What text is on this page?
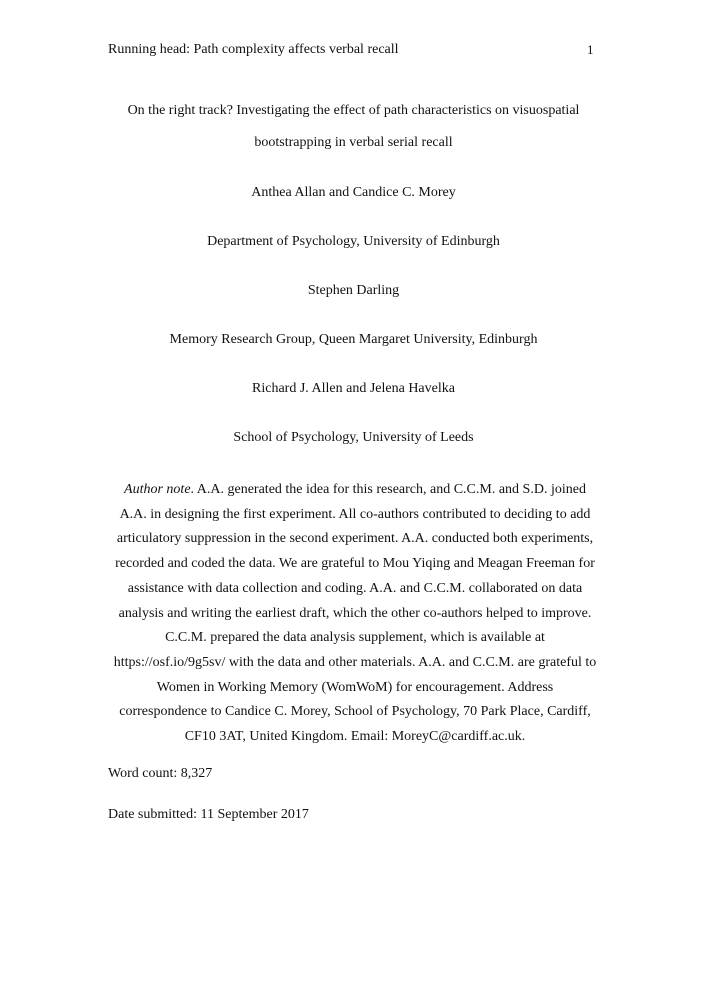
Running head: Path complexity affects verbal recall	1
On the right track? Investigating the effect of path characteristics on visuospatial
bootstrapping in verbal serial recall
Anthea Allan and Candice C. Morey
Department of Psychology, University of Edinburgh
Stephen Darling
Memory Research Group, Queen Margaret University, Edinburgh
Richard J. Allen and Jelena Havelka
School of Psychology, University of Leeds
Author note. A.A. generated the idea for this research, and C.C.M. and S.D. joined
A.A. in designing the first experiment. All co-authors contributed to deciding to add
articulatory suppression in the second experiment. A.A. conducted both experiments,
recorded and coded the data. We are grateful to Mou Yiqing and Meagan Freeman for
assistance with data collection and coding. A.A. and C.C.M. collaborated on data
analysis and writing the earliest draft, which the other co-authors helped to improve.
C.C.M. prepared the data analysis supplement, which is available at
https://osf.io/9g5sv/ with the data and other materials. A.A. and C.C.M. are grateful to
Women in Working Memory (WomWoM) for encouragement. Address
correspondence to Candice C. Morey, School of Psychology, 70 Park Place, Cardiff,
CF10 3AT, United Kingdom. Email: MoreyC@cardiff.ac.uk.
Word count: 8,327
Date submitted: 11 September 2017
